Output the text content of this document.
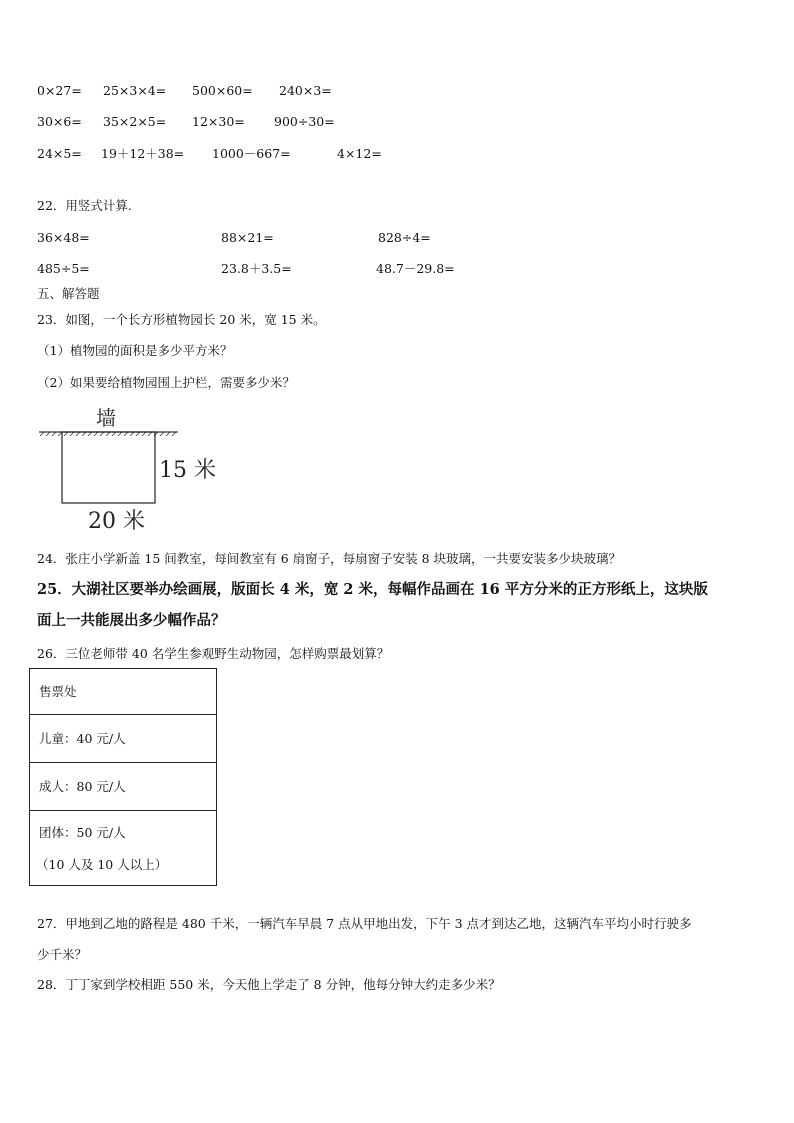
0×27= 25×3×4= 500×60= 240×3=
30×6= 35×2×5= 12×30= 900÷30=
24×5= 19＋12＋38= 1000－667=	4×12=
22．用竖式计算.
36×48=	88×21=	828÷4=
485÷5=	23.8＋3.5=	48.7－29.8=
五、解答题
23．如图，一个长方形植物园长 20 米，宽 15 米。
（1）植物园的面积是多少平方米？
（2）如果要给植物园围上护栏，需要多少米？
墙
15 米
20 米
24．张庄小学新盖 15 间教室，每间教室有 6 扇窗子，每扇窗子安装 8 块玻璃，一共要安装多少块玻璃？
25．大湖社区要举办绘画展，版面长 4 米，宽 2 米，每幅作品画在 16 平方分米的正方形纸上，这块版
面上一共能展出多少幅作品？
26．三位老师带 40 名学生参观野生动物园，怎样购票最划算？
售票处
儿童：40 元/人
成人：80 元/人
团体：50 元/人
（10 人及 10 人以上）
27．甲地到乙地的路程是 480 千米，一辆汽车早晨 7 点从甲地出发，下午 3 点才到达乙地，这辆汽车平均小时行驶多
少千米？
28．丁丁家到学校相距 550 米，今天他上学走了 8 分钟，他每分钟大约走多少米？
